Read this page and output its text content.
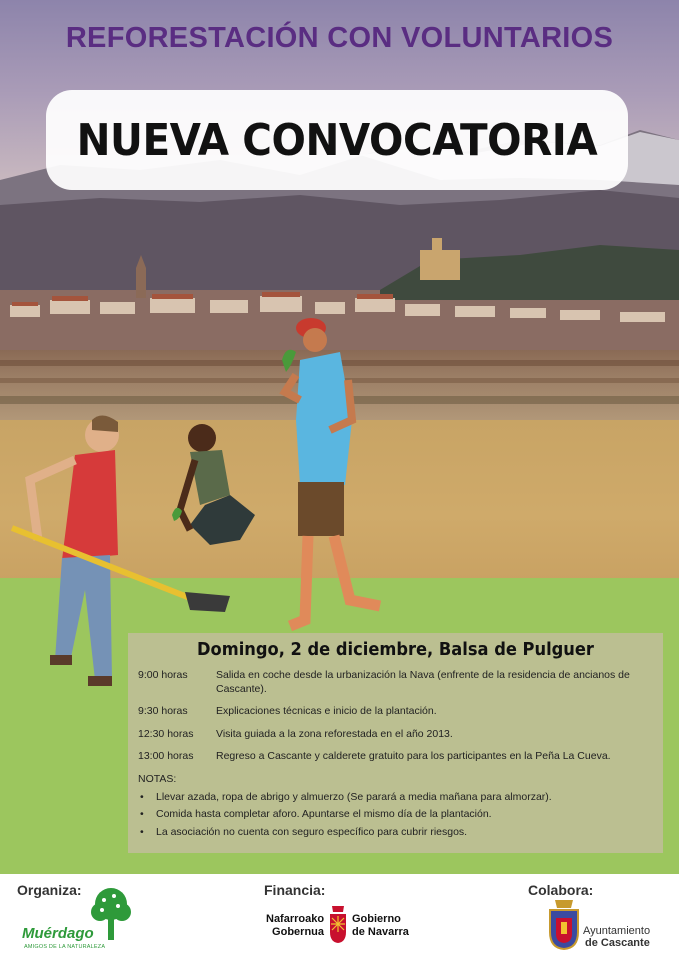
REFORESTACIÓN CON VOLUNTARIOS
NUEVA CONVOCATORIA
Domingo, 2 de diciembre, Balsa de Pulguer
9:00 horas	Salida en coche desde la urbanización la Nava (enfrente de la residencia de ancianos de Cascante).
9:30 horas	Explicaciones técnicas e inicio de la plantación.
12:30 horas	Visita guiada a la zona reforestada en el año 2013.
13:00 horas	Regreso a Cascante y calderete gratuito para los participantes en la Peña La Cueva.
NOTAS:
•	Llevar azada, ropa de abrigo y almuerzo (Se parará a media mañana para almorzar).
•	Comida hasta completar aforo. Apuntarse el mismo día de la plantación.
•	La asociación no cuenta con seguro específico para cubrir riesgos.
Organiza:	Financia:	Colabora:
Muérdago
AMIGOS DE LA NATURALEZA
Nafarroako
Gobernua
Gobierno
de Navarra	Ayuntamiento
de Cascante
